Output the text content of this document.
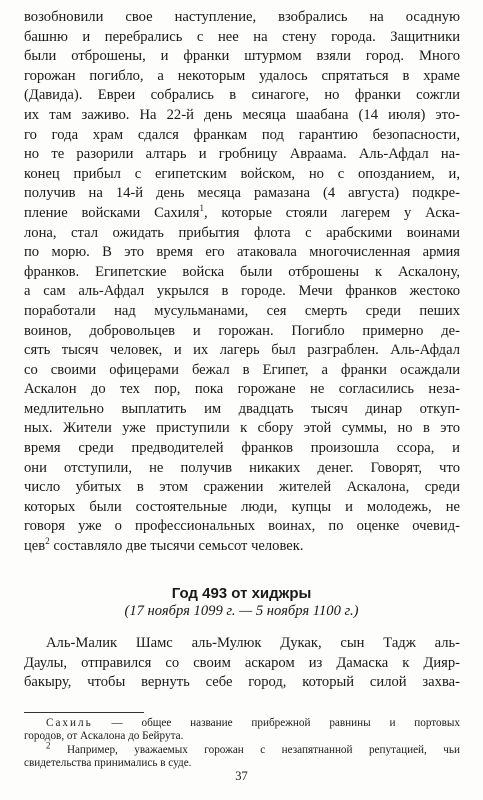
возобновили свое наступление, взобрались на осадную
башню и перебрались с нее на стену города. Защитники
были отброшены, и франки штурмом взяли город. Много
горожан погибло, а некоторым удалось спрятаться в храме
(Давида). Евреи собрались в синагоге, но франки сожгли
их там заживо. На 22-й день месяца шаабана (14 июля) это-
го года храм сдался франкам под гарантию безопасности,
но те разорили алтарь и гробницу Авраама. Аль-Афдал на-
конец прибыл с египетским войском, но с опозданием, и,
получив на 14-й день месяца рамазана (4 августа) подкре-
пление войсками Сахиля$^1$, которые стояли лагерем у Аска-
лона, стал ожидать прибытия флота с арабскими воинами
по морю. В это время его атаковала многочисленная армия
франков. Египетские войска были отброшены к Аскалону,
а сам аль-Афдал укрылся в городе. Мечи франков жестоко
поработали над мусульманами, сея смерть среди пеших
воинов, добровольцев и горожан. Погибло примерно де-
сять тысяч человек, и их лагерь был разграблен. Аль-Афдал
со своими офицерами бежал в Египет, а франки осаждали
Аскалон до тех пор, пока горожане не согласились неза-
медлительно выплатить им двадцать тысяч динар откуп-
ных. Жители уже приступили к сбору этой суммы, но в это
время среди предводителей франков произошла ссора, и
они отступили, не получив никаких денег. Говорят, что
число убитых в этом сражении жителей Аскалона, среди
которых были состоятельные люди, купцы и молодежь, не
говоря уже о профессиональных воинах, по оценке очевид-
цев$^2$ составляло две тысячи семьсот человек.
Год 493 от хиджры
(17 ноября 1099 г. — 5 ноября 1100 г.)
Аль-Малик Шамс аль-Мулюк Дукак, сын Тадж аль-
Даулы, отправился со своим аскаром из Дамаска к Дияр-
бакыру, чтобы вернуть себе город, который силой захва-
Сахиль — общее название прибрежной равнины и портовых
городов, от Аскалона до Бейрута.
$^2$ Например, уважаемых горожан с незапятнанной репутацией, чьи
свидетельства принимались в суде.
37
